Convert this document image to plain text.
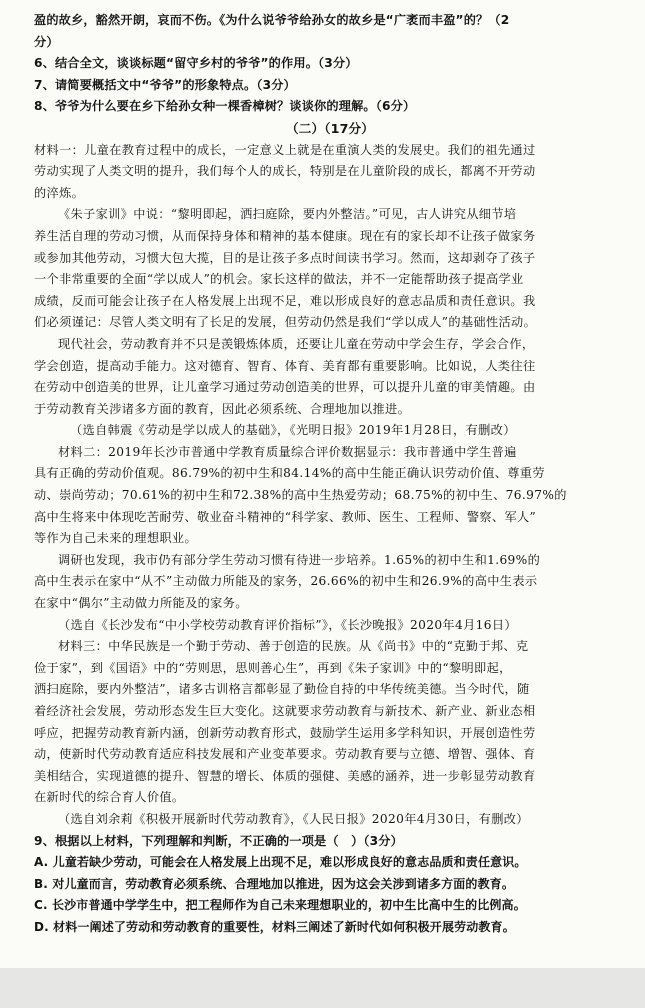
盈的故乡，豁然开朗，哀而不伤。《为什么说爷爷给孙女的故乡是“广袤而丰盈”的？（2
分）
6、结合全文，谈谈标题“留守乡村的爷爷”的作用。（3分）
7、请简要概括文中“爷爷”的形象特点。（3分）
8、爷爷为什么要在乡下给孙女种一棵香樟树？谈谈你的理解。（6分）
（二）（17分）
材料一：儿童在教育过程中的成长，一定意义上就是在重演人类的发展史。我们的祖先通过
劳动实现了人类文明的提升，我们每个人的成长，特别是在儿童阶段的成长，都离不开劳动
的淬炼。
《朱子家训》中说：“黎明即起，洒扫庭除，要内外整洁。”可见，古人讲究从细节培
养生活自理的劳动习惯，从而保持身体和精神的基本健康。现在有的家长却不让孩子做家务
或参加其他劳动，习惯大包大揽，目的是让孩子多点时间读书学习。然而，这却剥夺了孩子
一个非常重要的全面“学以成人”的机会。家长这样的做法，并不一定能帮助孩子提高学业
成绩，反而可能会让孩子在人格发展上出现不足，难以形成良好的意志品质和责任意识。我
们必须谨记：尽管人类文明有了长足的发展，但劳动仍然是我们“学以成人”的基础性活动。
现代社会，劳动教育并不只是羡锻炼体质，还要让儿童在劳动中学会生存，学会合作，
学会创造，提高动手能力。这对德育、智育、体育、美育都有重要影响。比如说，人类往往
在劳动中创造美的世界，让儿童学习通过劳动创造美的世界，可以提升儿童的审美情趣。由
于劳动教育关涉诸多方面的教育，因此必须系统、合理地加以推进。
（选自韩震《劳动是学以成人的基础》，《光明日报》2019年1月28日，有删改）
材料二：2019年长沙市普通中学教育质量综合评价数据显示：我市普通中学生普遍
具有正确的劳动价值观。86.79%的初中生和84.14%的高中生能正确认识劳动价值、尊重劳
动、崇尚劳动；70.61%的初中生和72.38%的高中生热爱劳动；68.75%的初中生、76.97%的
高中生将来中体现吃苦耐劳、敬业奋斗精神的“科学家、教师、医生、工程师、警察、军人”
等作为自己未来的理想职业。
调研也发现，我市仍有部分学生劳动习惯有待进一步培养。1.65%的初中生和1.69%的
高中生表示在家中“从不”主动做力所能及的家务，26.66%的初中生和26.9%的高中生表示
在家中“偶尔”主动做力所能及的家务。
（选自《长沙发布“中小学校劳动教育评价指标”》，《长沙晚报》2020年4月16日）
材料三：中华民族是一个勤于劳动、善于创造的民族。从《尚书》中的“克勤于邦、克
俭于家”，到《国语》中的“劳则思，思则善心生”，再到《朱子家训》中的“黎明即起，
洒扫庭除，要内外整洁”，诸多古训格言都彰显了勤俭自持的中华传统美德。当今时代，随
着经济社会发展，劳动形态发生巨大变化。这就要求劳动教育与新技术、新产业、新业态相
呼应，把握劳动教育新内涵，创新劳动教育形式，鼓励学生运用多学科知识，开展创造性劳
动，使新时代劳动教育适应科技发展和产业变革要求。劳动教育要与立德、增智、强体、育
美相结合，实现道德的提升、智慧的增长、体质的强健、美感的涵养，进一步彰显劳动教育
在新时代的综合育人价值。
（选自刘余莉《积极开展新时代劳动教育》，《人民日报》2020年4月30日，有删改）
9、根据以上材料，下列理解和判断，不正确的一项是（　）（3分）
A. 儿童若缺少劳动，可能会在人格发展上出现不足，难以形成良好的意志品质和责任意识。
B. 对儿童而言，劳动教育必须系统、合理地加以推进，因为这会关涉到诸多方面的教育。
C. 长沙市普通中学学生中，把工程师作为自己未来理想职业的，初中生比高中生的比例高。
D. 材料一阐述了劳动和劳动教育的重要性，材料三阐述了新时代如何积极开展劳动教育。
